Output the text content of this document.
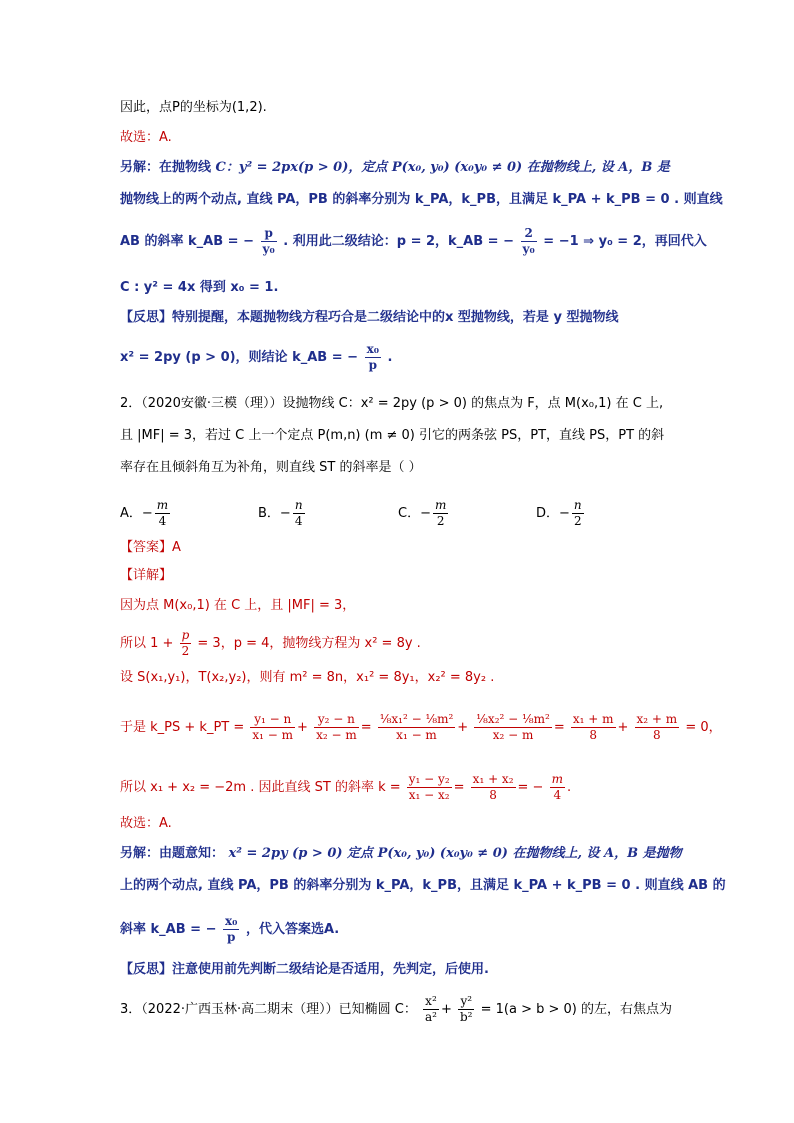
因此，点P的坐标为(1,2).
故选：A.
另解：在抛物线 C：y² = 2px(p > 0)，定点 P(x₀, y₀) (x₀y₀ ≠ 0) 在抛物线上, 设 A，B 是
抛物线上的两个动点, 直线 PA，PB 的斜率分别为 k_PA，k_PB，且满足 k_PA + k_PB = 0 . 则直线
AB 的斜率 k_AB = − $\frac{p}{\text{y₀}}$ . 利用此二级结论：p = 2，k_AB = − $\frac{2}{\text{y₀}} = -1$ ⇒ y₀ = 2，再回代入
C : y² = 4x 得到 x₀ = 1.
【反思】特别提醒，本题抛物线方程巧合是二级结论中的x 型抛物线，若是 y 型抛物线
x² = 2py (p > 0)，则结论 k_AB = − $\frac{\text{x₀}}{p}$ .
2．（2020安徽·三模（理））设抛物线 C：x² = 2py (p > 0) 的焦点为 F，点 M(x₀,1) 在 C 上,
且 |MF| = 3，若过 C 上一个定点 P(m,n) (m ≠ 0) 引它的两条弦 PS，PT，直线 PS，PT 的斜
率存在且倾斜角互为补角，则直线 ST 的斜率是（ ）
A．− $\frac{m}{4}$	B．− $\frac{n}{4}$	C．− $\frac{m}{2}$	D．− $\frac{n}{2}$
【答案】A
【详解】
因为点 M(x₀,1) 在 C 上，且 |MF| = 3，
所以 $1 + \frac{p}{2} = 3$，p = 4，抛物线方程为 x² = 8y .
设 S(x₁,y₁)，T(x₂,y₂)，则有 m² = 8n，x₁² = 8y₁，x₂² = 8y₂ .
于是 k_PS + k_PT = $\frac{\text{y₁ − n}}{\text{x₁ − m}} + \frac{\text{y₂ − n}}{\text{x₂ − m}} = \frac{\text{⅛x₁² − ⅛m²}}{\text{x₁ − m}} + \frac{\text{⅛x₂² − ⅛m²}}{\text{x₂ − m}} = \frac{\text{x₁ + m}}{8} + \frac{\text{x₂ + m}}{8} = 0$，
所以 x₁ + x₂ = −2m . 因此直线 ST 的斜率 $k = \frac{\text{y₁ − y₂}}{\text{x₁ − x₂}} = \frac{\text{x₁ + x₂}}{8}$ = − $\frac{m}{4}$ .
故选：A.
另解：由题意知： x² = 2py (p > 0) 定点 P(x₀, y₀) (x₀y₀ ≠ 0) 在抛物线上, 设 A，B 是抛物
上的两个动点, 直线 PA，PB 的斜率分别为 k_PA，k_PB，且满足 k_PA + k_PB = 0 . 则直线 AB 的
斜率 k_AB = − $\frac{\text{x₀}}{p}$ ，代入答案选A.
【反思】注意使用前先判断二级结论是否适用，先判定，后使用.
3．（2022·广西玉林·高二期末（理））已知椭圆 C： $\frac{\text{x²}}{\text{a²}} + \frac{\text{y²}}{\text{b²}} = 1(a > b > 0)$ 的左，右焦点为
